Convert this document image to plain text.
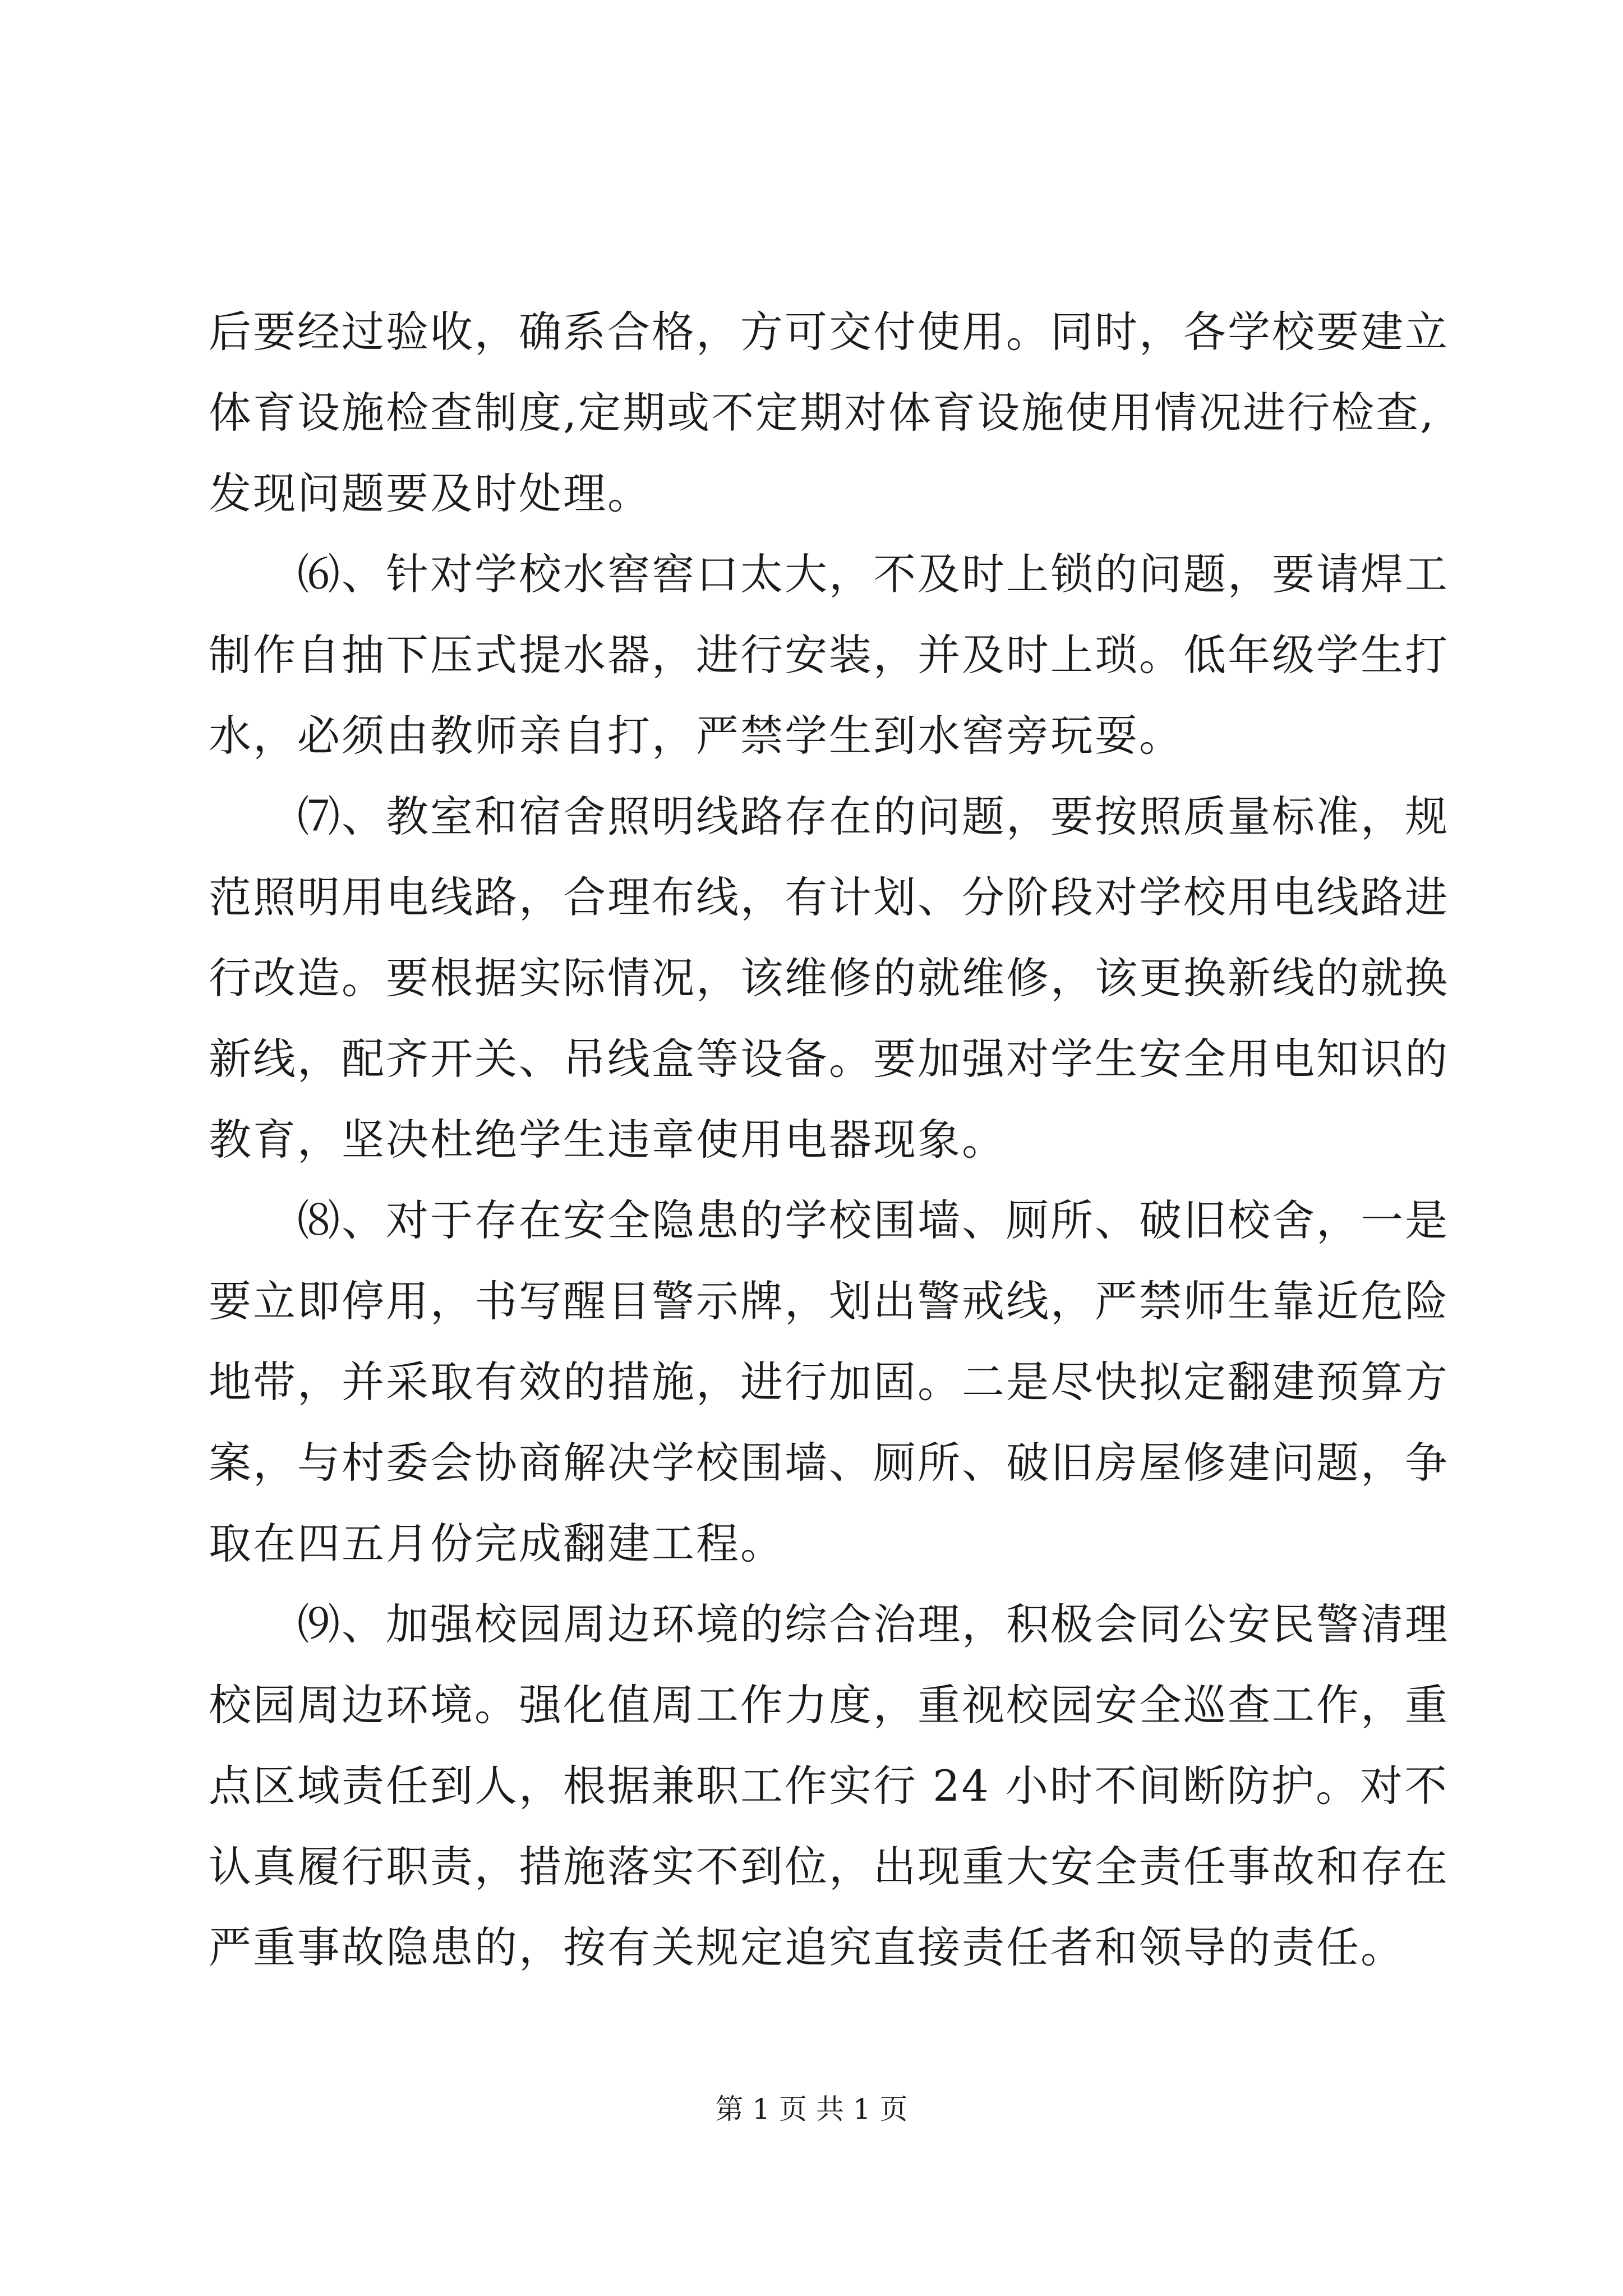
后要经过验收，确系合格，方可交付使用。同时，各学校要建立
体育设施检查制度,定期或不定期对体育设施使用情况进行检查,
发现问题要及时处理。
⑹、针对学校水窖窖口太大，不及时上锁的问题，要请焊工
制作自抽下压式提水器，进行安装，并及时上琐。低年级学生打
水，必须由教师亲自打，严禁学生到水窖旁玩耍。
⑺、教室和宿舍照明线路存在的问题，要按照质量标准，规
范照明用电线路，合理布线，有计划、分阶段对学校用电线路进
行改造。要根据实际情况，该维修的就维修，该更换新线的就换
新线，配齐开关、吊线盒等设备。要加强对学生安全用电知识的
教育，坚决杜绝学生违章使用电器现象。
⑻、对于存在安全隐患的学校围墙、厕所、破旧校舍，一是
要立即停用，书写醒目警示牌，划出警戒线，严禁师生靠近危险
地带，并采取有效的措施，进行加固。二是尽快拟定翻建预算方
案，与村委会协商解决学校围墙、厕所、破旧房屋修建问题，争
取在四五月份完成翻建工程。
⑼、加强校园周边环境的综合治理，积极会同公安民警清理
校园周边环境。强化值周工作力度，重视校园安全巡查工作，重
点区域责任到人，根据兼职工作实行 24 小时不间断防护。对不
认真履行职责，措施落实不到位，出现重大安全责任事故和存在
严重事故隐患的，按有关规定追究直接责任者和领导的责任。
第 1 页 共 1 页
